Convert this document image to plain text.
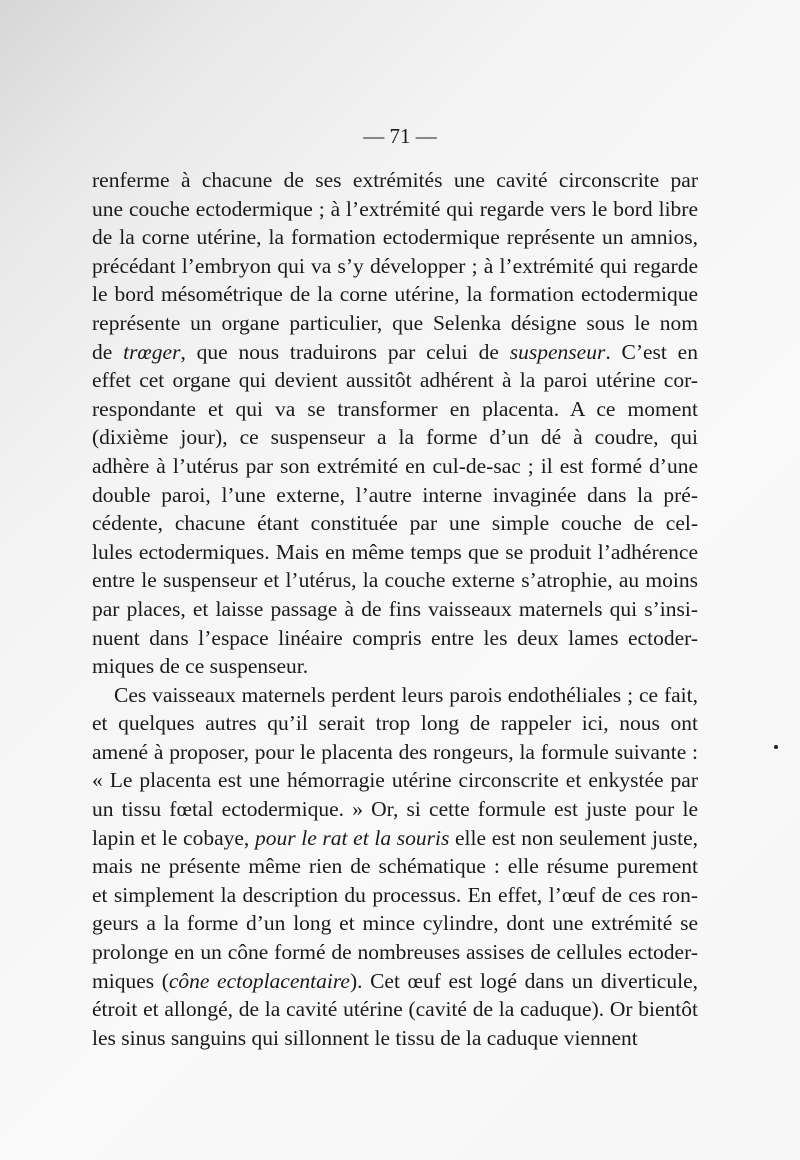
— 71 —
renferme à chacune de ses extrémités une cavité circonscrite par
une couche ectodermique ; à l’extrémité qui regarde vers le bord libre
de la corne utérine, la formation ectodermique représente un amnios,
précédant l’embryon qui va s’y développer ; à l’extrémité qui regarde
le bord mésométrique de la corne utérine, la formation ectodermique
représente un organe particulier, que Selenka désigne sous le nom
de trœger, que nous traduirons par celui de suspenseur. C’est en
effet cet organe qui devient aussitôt adhérent à la paroi utérine cor-
respondante et qui va se transformer en placenta. A ce moment
(dixième jour), ce suspenseur a la forme d’un dé à coudre, qui
adhère à l’utérus par son extrémité en cul-de-sac ; il est formé d’une
double paroi, l’une externe, l’autre interne invaginée dans la pré-
cédente, chacune étant constituée par une simple couche de cel-
lules ectodermiques. Mais en même temps que se produit l’adhérence
entre le suspenseur et l’utérus, la couche externe s’atrophie, au moins
par places, et laisse passage à de fins vaisseaux maternels qui s’insi-
nuent dans l’espace linéaire compris entre les deux lames ectoder-
miques de ce suspenseur.
Ces vaisseaux maternels perdent leurs parois endothéliales ; ce fait,
et quelques autres qu’il serait trop long de rappeler ici, nous ont
amené à proposer, pour le placenta des rongeurs, la formule suivante :
« Le placenta est une hémorragie utérine circonscrite et enkystée par
un tissu fœtal ectodermique. » Or, si cette formule est juste pour le
lapin et le cobaye, pour le rat et la souris elle est non seulement juste,
mais ne présente même rien de schématique : elle résume purement
et simplement la description du processus. En effet, l’œuf de ces ron-
geurs a la forme d’un long et mince cylindre, dont une extrémité se
prolonge en un cône formé de nombreuses assises de cellules ectoder-
miques (cône ectoplacentaire). Cet œuf est logé dans un diverticule,
étroit et allongé, de la cavité utérine (cavité de la caduque). Or bientôt
les sinus sanguins qui sillonnent le tissu de la caduque viennent
